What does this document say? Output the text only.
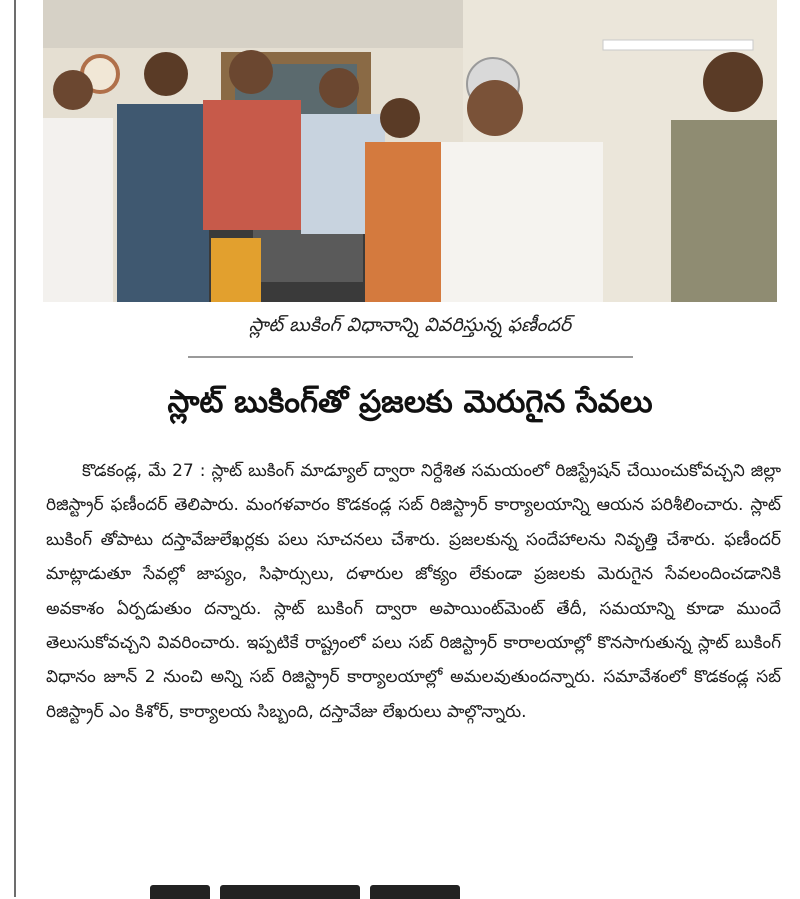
స్లాట్ బుకింగ్ విధానాన్ని వివరిస్తున్న ఫణీందర్
స్లాట్ బుకింగ్‌తో ప్రజలకు మెరుగైన సేవలు

కొడకండ్ల, మే 27 : స్లాట్ బుకింగ్ మాడ్యూల్ ద్వారా నిర్దేశిత సమయంలో రిజిస్ట్రేషన్ చేయించుకోవచ్చని జిల్లా రిజిస్ట్రార్ ఫణీందర్ తెలిపారు. మంగళవారం కొడకండ్ల సబ్ రిజిస్ట్రార్ కార్యాలయాన్ని ఆయన పరిశీలించారు. స్లాట్ బుకింగ్ తోపాటు దస్తావేజులేఖర్లకు పలు సూచనలు చేశారు. ప్రజలకున్న సందేహాలను నివృత్తి చేశారు. ఫణీందర్ మాట్లాడుతూ సేవల్లో జాప్యం, సిఫార్సులు, దళారుల జోక్యం లేకుండా ప్రజలకు మెరుగైన సేవలందించడానికి అవకాశం ఏర్పడుతుం దన్నారు. స్లాట్ బుకింగ్ ద్వారా అపాయింట్‌మెంట్ తేదీ, సమయాన్ని కూడా ముందే తెలుసుకోవచ్చని వివరించారు. ఇప్పటికే రాష్ట్రంలో పలు సబ్ రిజిస్ట్రార్ కారాలయాల్లో కొనసాగుతున్న స్లాట్ బుకింగ్ విధానం జూన్ 2 నుంచి అన్ని సబ్ రిజిస్ట్రార్ కార్యాలయాల్లో అమలవుతుందన్నారు. సమావేశంలో కొడకండ్ల సబ్ రిజిస్ట్రార్ ఎం కిశోర్, కార్యాలయ సిబ్బంది, దస్తావేజు లేఖరులు పాల్గొన్నారు.
